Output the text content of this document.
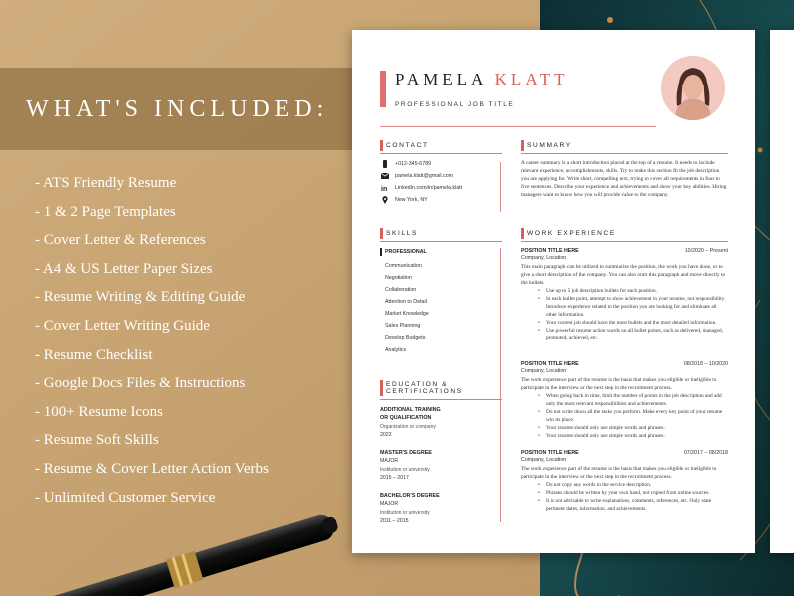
WHAT'S INCLUDED:
- ATS Friendly Resume
- 1 & 2 Page Templates
- Cover Letter & References
- A4 & US Letter Paper Sizes
- Resume Writing & Editing Guide
- Cover Letter Writing Guide
- Resume Checklist
- Google Docs Files & Instructions
- 100+ Resume Icons
- Resume Soft Skills
- Resume & Cover Letter Action Verbs
- Unlimited Customer Service
PAMELA KLATT
PROFESSIONAL JOB TITLE
CONTACT
+012-345-6789
pamela.klatt@gmail.com
in LinkedIn.com/in/pamela.klatt
New York, NY
SUMMARY
A career summary is a short introduction placed at the top of a resume. It needs to include relevant experience, accomplishments, skills. Try to make this section fit the job description you are applying for. Write short, compelling text, trying to cover all requirements in four to five sentences. Describe your experience and achievements and show your key abilities. Hiring managers want to know how you will provide value to the company.
SKILLS
PROFESSIONAL
Communication
Negotiation
Collaboration
Attention to Detail
Market Knowledge
Sales Planning
Develop Budgets
Analytics
EDUCATION &
CERTIFICATIONS
ADDITIONAL TRAINING OR QUALIFICATION
Organization or company
2022
MASTER'S DEGREE
MAJOR
Institution or university
2015 – 2017
BACHELOR'S DEGREE
MAJOR
Institution or university
2011 – 2015
WORK EXPERIENCE
POSITION TITLE HERE	10/2020 – Present
Company, Location
This main paragraph can be utilized to summarize the position, the work you have done, or to give a short description of the company. You can also omit this paragraph and move directly to the bullets.
• Use up to 5 job description bullets for each position.
• In each bullet point, attempt to show achievement in your resume, not responsibility. Introduce experience related to the position you are looking for and eliminate all other information.
• Your current job should have the most bullets and the most detailed information.
• Use powerful resume action words on all bullet points, such as delivered, managed, promoted, achieved, etc.
POSITION TITLE HERE	08/2018 – 10/2020
Company, Location
The work experience part of the resume is the basis that makes you eligible or ineligible to participate in the interview or the next step in the recruitment process.
• When going back in time, limit the number of points in the job description and add only the most relevant responsibilities and achievements.
• Do not write down all the tasks you perform. Make every key point of your resume win its place.
• Your resume should only use simple words and phrases.
• Your resume should only use simple words and phrases.
POSITION TITLE HERE	07/2017 – 08/2018
Company, Location
The work experience part of the resume is the basis that makes you eligible or ineligible to participate in the interview or the next step in the recruitment process.
• Do not copy any words in the service description.
• Phrases should be written by your own hand, not copied from online sources.
• It is not advisable to write explanations, comments, references, etc. Only state pertinent dates, information, and achievements.
